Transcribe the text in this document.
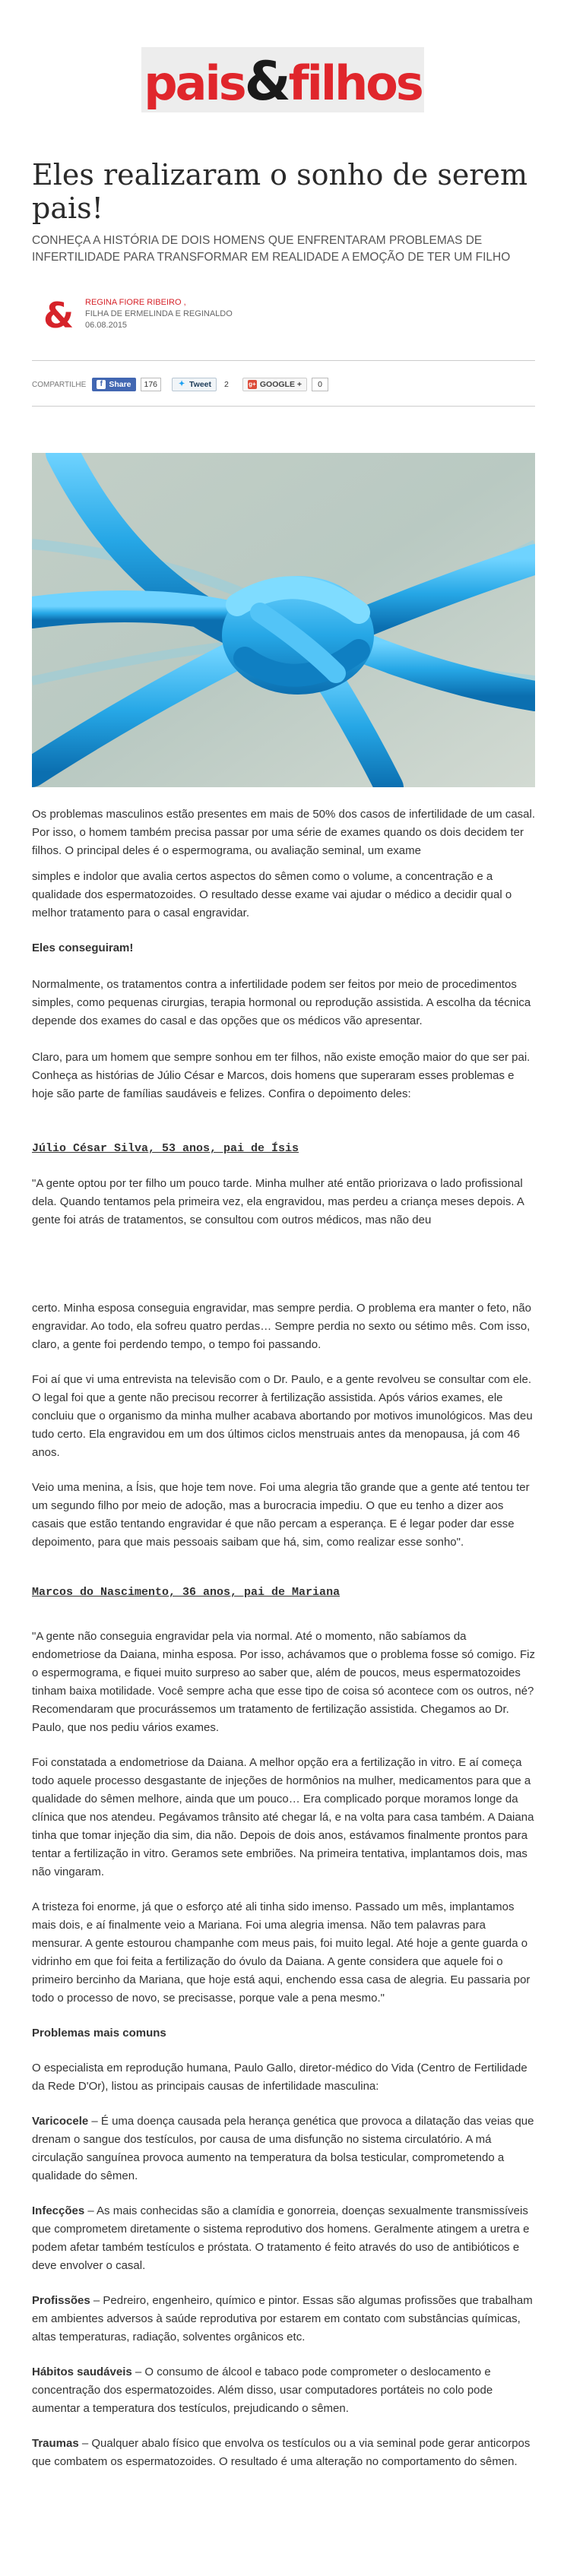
pais&filhos
Eles realizaram o sonho de serem pais!

CONHEÇA A HISTÓRIA DE DOIS HOMENS QUE ENFRENTARAM PROBLEMAS DE INFERTILIDADE PARA TRANSFORMAR EM REALIDADE A EMOÇÃO DE TER UM FILHO

&	REGINA FIORE RIBEIRO ,
FILHA DE ERMELINDA E REGINALDO
06.08.2015
COMPARTILHE	f Share	176	✦ Tweet	2	g+ GOOGLE +	0

Os problemas masculinos estão presentes em mais de 50% dos casos de infertilidade de um casal. Por isso, o homem também precisa passar por uma série de exames quando os dois decidem ter filhos. O principal deles é o espermograma, ou avaliação seminal, um exame

simples e indolor que avalia certos aspectos do sêmen como o volume, a concentração e a qualidade dos espermatozoides. O resultado desse exame vai ajudar o médico a decidir qual o melhor tratamento para o casal engravidar.

Eles conseguiram!

Normalmente, os tratamentos contra a infertilidade podem ser feitos por meio de procedimentos simples, como pequenas cirurgias, terapia hormonal ou reprodução assistida. A escolha da técnica depende dos exames do casal e das opções que os médicos vão apresentar.

Claro, para um homem que sempre sonhou em ter filhos, não existe emoção maior do que ser pai. Conheça as histórias de Júlio César e Marcos, dois homens que superaram esses problemas e hoje são parte de famílias saudáveis e felizes. Confira o depoimento deles:

Júlio César Silva, 53 anos, pai de Ísis

"A gente optou por ter filho um pouco tarde. Minha mulher até então priorizava o lado profissional dela. Quando tentamos pela primeira vez, ela engravidou, mas perdeu a criança meses depois. A gente foi atrás de tratamentos, se consultou com outros médicos, mas não deu

certo. Minha esposa conseguia engravidar, mas sempre perdia. O problema era manter o feto, não engravidar. Ao todo, ela sofreu quatro perdas… Sempre perdia no sexto ou sétimo mês. Com isso, claro, a gente foi perdendo tempo, o tempo foi passando.

Foi aí que vi uma entrevista na televisão com o Dr. Paulo, e a gente revolveu se consultar com ele. O legal foi que a gente não precisou recorrer à fertilização assistida. Após vários exames, ele concluiu que o organismo da minha mulher acabava abortando por motivos imunológicos. Mas deu tudo certo. Ela engravidou em um dos últimos ciclos menstruais antes da menopausa, já com 46 anos.

Veio uma menina, a Ísis, que hoje tem nove. Foi uma alegria tão grande que a gente até tentou ter um segundo filho por meio de adoção, mas a burocracia impediu. O que eu tenho a dizer aos casais que estão tentando engravidar é que não percam a esperança. E é legar poder dar esse depoimento, para que mais pessoais saibam que há, sim, como realizar esse sonho".

Marcos do Nascimento, 36 anos, pai de Mariana

"A gente não conseguia engravidar pela via normal. Até o momento, não sabíamos da endometriose da Daiana, minha esposa. Por isso, achávamos que o problema fosse só comigo. Fiz o espermograma, e fiquei muito surpreso ao saber que, além de poucos, meus espermatozoides tinham baixa motilidade. Você sempre acha que esse tipo de coisa só acontece com os outros, né? Recomendaram que procurássemos um tratamento de fertilização assistida. Chegamos ao Dr. Paulo, que nos pediu vários exames.

Foi constatada a endometriose da Daiana. A melhor opção era a fertilização in vitro. E aí começa todo aquele processo desgastante de injeções de hormônios na mulher, medicamentos para que a qualidade do sêmen melhore, ainda que um pouco… Era complicado porque moramos longe da clínica que nos atendeu. Pegávamos trânsito até chegar lá, e na volta para casa também. A Daiana tinha que tomar injeção dia sim, dia não. Depois de dois anos, estávamos finalmente prontos para tentar a fertilização in vitro. Geramos sete embriões. Na primeira tentativa, implantamos dois, mas não vingaram.

A tristeza foi enorme, já que o esforço até ali tinha sido imenso. Passado um mês, implantamos mais dois, e aí finalmente veio a Mariana. Foi uma alegria imensa. Não tem palavras para mensurar. A gente estourou champanhe com meus pais, foi muito legal. Até hoje a gente guarda o vidrinho em que foi feita a fertilização do óvulo da Daiana. A gente considera que aquele foi o primeiro bercinho da Mariana, que hoje está aqui, enchendo essa casa de alegria. Eu passaria por todo o processo de novo, se precisasse, porque vale a pena mesmo."

Problemas mais comuns

O especialista em reprodução humana, Paulo Gallo, diretor-médico do Vida (Centro de Fertilidade da Rede D'Or), listou as principais causas de infertilidade masculina:

Varicocele – É uma doença causada pela herança genética que provoca a dilatação das veias que drenam o sangue dos testículos, por causa de uma disfunção no sistema circulatório. A má circulação sanguínea provoca aumento na temperatura da bolsa testicular, comprometendo a qualidade do sêmen.

Infecções – As mais conhecidas são a clamídia e gonorreia, doenças sexualmente transmissíveis que comprometem diretamente o sistema reprodutivo dos homens. Geralmente atingem a uretra e podem afetar também testículos e próstata. O tratamento é feito através do uso de antibióticos e deve envolver o casal.

Profissões – Pedreiro, engenheiro, químico e pintor. Essas são algumas profissões que trabalham em ambientes adversos à saúde reprodutiva por estarem em contato com substâncias químicas, altas temperaturas, radiação, solventes orgânicos etc.

Hábitos saudáveis – O consumo de álcool e tabaco pode comprometer o deslocamento e concentração dos espermatozoides. Além disso, usar computadores portáteis no colo pode aumentar a temperatura dos testículos, prejudicando o sêmen.

Traumas – Qualquer abalo físico que envolva os testículos ou a via seminal pode gerar anticorpos que combatem os espermatozoides. O resultado é uma alteração no comportamento do sêmen.
